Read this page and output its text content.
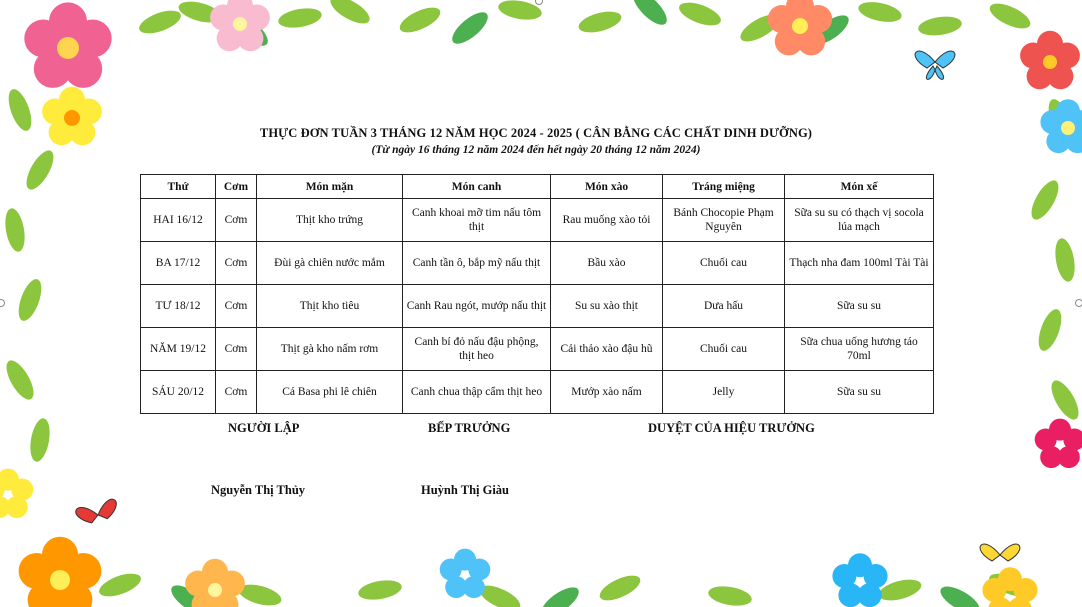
THỰC ĐƠN TUẦN 3 THÁNG 12 NĂM HỌC 2024 - 2025 ( CÂN BẰNG CÁC CHẤT DINH DƯỠNG)
(Từ ngày 16 tháng 12 năm 2024 đến hết ngày 20 tháng 12 năm 2024)
Thứ	Cơm	Món mặn	Món canh	Món xào	Tráng miệng	Món xế
HAI 16/12	Cơm	Thịt kho trứng	Canh khoai mỡ tim nấu tôm thịt	Rau muống xào tỏi	Bánh Chocopie Phạm Nguyên	Sữa su su có thạch vị socola lúa mạch
BA 17/12	Cơm	Đùi gà chiên nước mắm	Canh tần ô, bắp mỹ nấu thịt	Bầu xào	Chuối cau	Thạch nha đam 100ml Tài Tài
TƯ 18/12	Cơm	Thịt kho tiêu	Canh Rau ngót, mướp nấu thịt	Su su xào thịt	Dưa hấu	Sữa su su
NĂM 19/12	Cơm	Thịt gà kho nấm rơm	Canh bí đỏ nấu đậu phộng, thịt heo	Cải thảo xào đậu hũ	Chuối cau	Sữa chua uống hương táo 70ml
SÁU 20/12	Cơm	Cá Basa phi lê chiên	Canh chua thập cẩm thịt heo	Mướp xào nấm	Jelly	Sữa su su
NGƯỜI LẬP	BẾP TRƯỞNG	DUYỆT CỦA HIỆU TRƯỞNG
Nguyễn Thị Thủy	Huỳnh Thị Giàu
